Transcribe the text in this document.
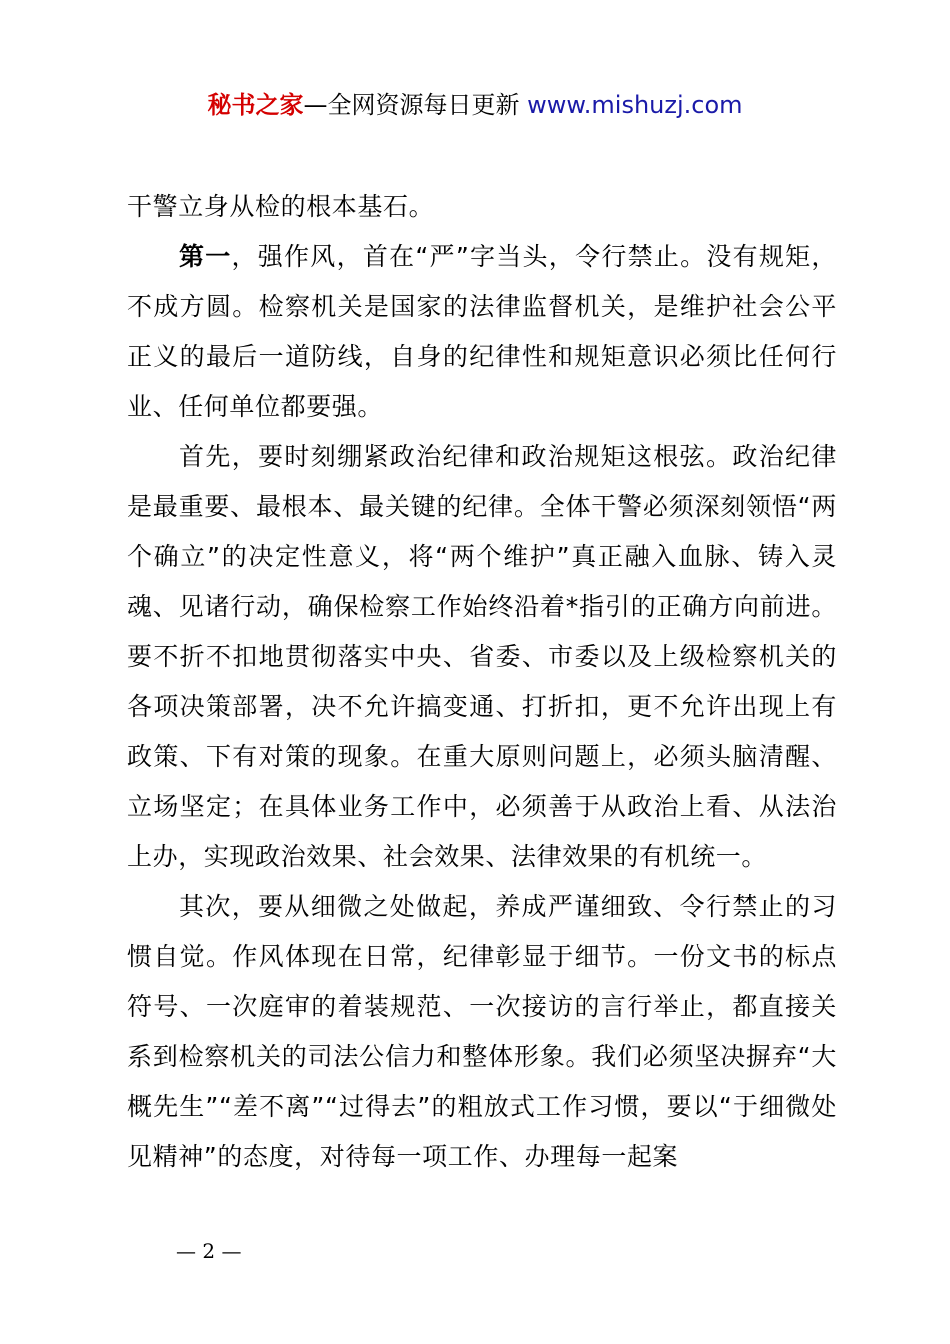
秘书之家—全网资源每日更新 www.mishuzj.com

干警立身从检的根本基石。

第一，强作风，首在“严”字当头，令行禁止。没有规矩，不成方圆。检察机关是国家的法律监督机关，是维护社会公平正义的最后一道防线，自身的纪律性和规矩意识必须比任何行业、任何单位都要强。

首先，要时刻绷紧政治纪律和政治规矩这根弦。政治纪律是最重要、最根本、最关键的纪律。全体干警必须深刻领悟“两个确立”的决定性意义，将“两个维护”真正融入血脉、铸入灵魂、见诸行动，确保检察工作始终沿着*指引的正确方向前进。要不折不扣地贯彻落实中央、省委、市委以及上级检察机关的各项决策部署，决不允许搞变通、打折扣，更不允许出现上有政策、下有对策的现象。在重大原则问题上，必须头脑清醒、立场坚定；在具体业务工作中，必须善于从政治上看、从法治上办，实现政治效果、社会效果、法律效果的有机统一。

其次，要从细微之处做起，养成严谨细致、令行禁止的习惯自觉。作风体现在日常，纪律彰显于细节。一份文书的标点符号、一次庭审的着装规范、一次接访的言行举止，都直接关系到检察机关的司法公信力和整体形象。我们必须坚决摒弃“大概先生”“差不离”“过得去”的粗放式工作习惯，要以“于细微处见精神”的态度，对待每一项工作、办理每一起案

— 2 —
